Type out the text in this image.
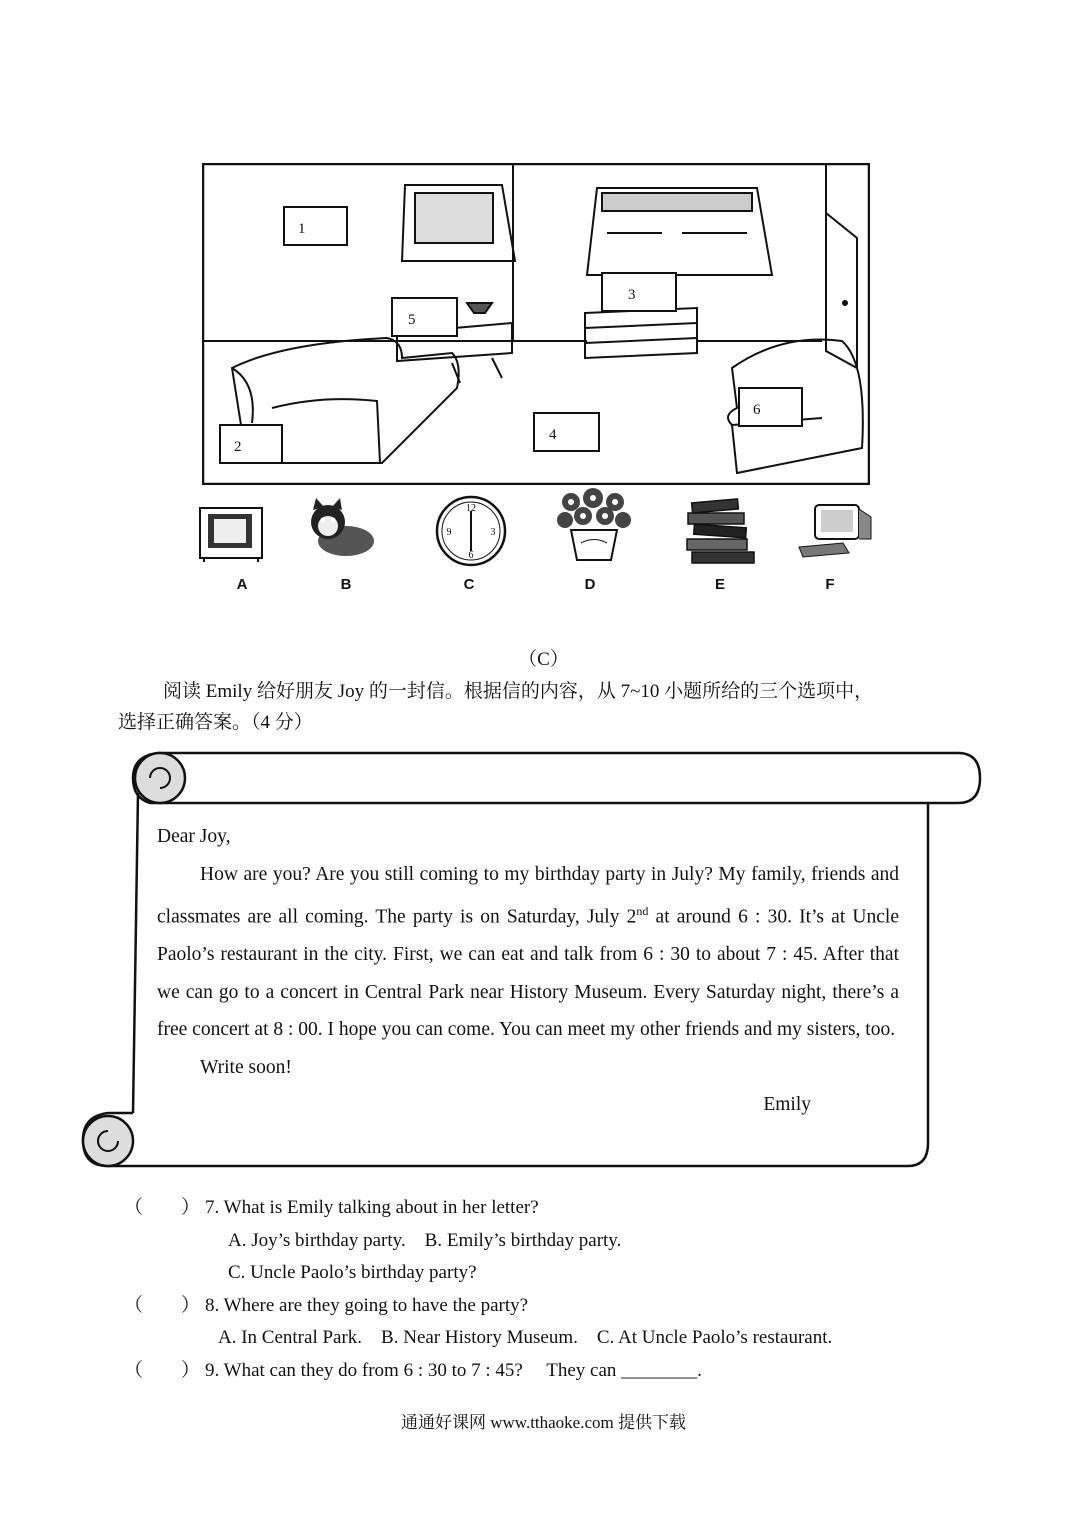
1
5
3
2
4
6
12
3
6
9
A	B	C	D	E	F
（C）
阅读 Emily 给好朋友 Joy 的一封信。根据信的内容，从 7~10 小题所给的三个选项中，
选择正确答案。（4 分）

Dear Joy,

How are you? Are you still coming to my birthday party in July? My family, friends and classmates are all coming. The party is on Saturday, July 2nd at around 6 : 30. It’s at Uncle Paolo’s restaurant in the city. First, we can eat and talk from 6 : 30 to about 7 : 45. After that we can go to a concert in Central Park near History Museum. Every Saturday night, there’s a free concert at 8 : 00. I hope you can come. You can meet my other friends and my sisters, too.

Write soon!

Emily

（　　） 7. What is Emily talking about in her letter?
A. Joy’s birthday party.    B. Emily’s birthday party.
C. Uncle Paolo’s birthday party?
（　　） 8. Where are they going to have the party?
A. In Central Park.    B. Near History Museum.    C. At Uncle Paolo’s restaurant.
（　　） 9. What can they do from 6 : 30 to 7 : 45?     They can ________.
通通好课网 www.tthaoke.com 提供下载
